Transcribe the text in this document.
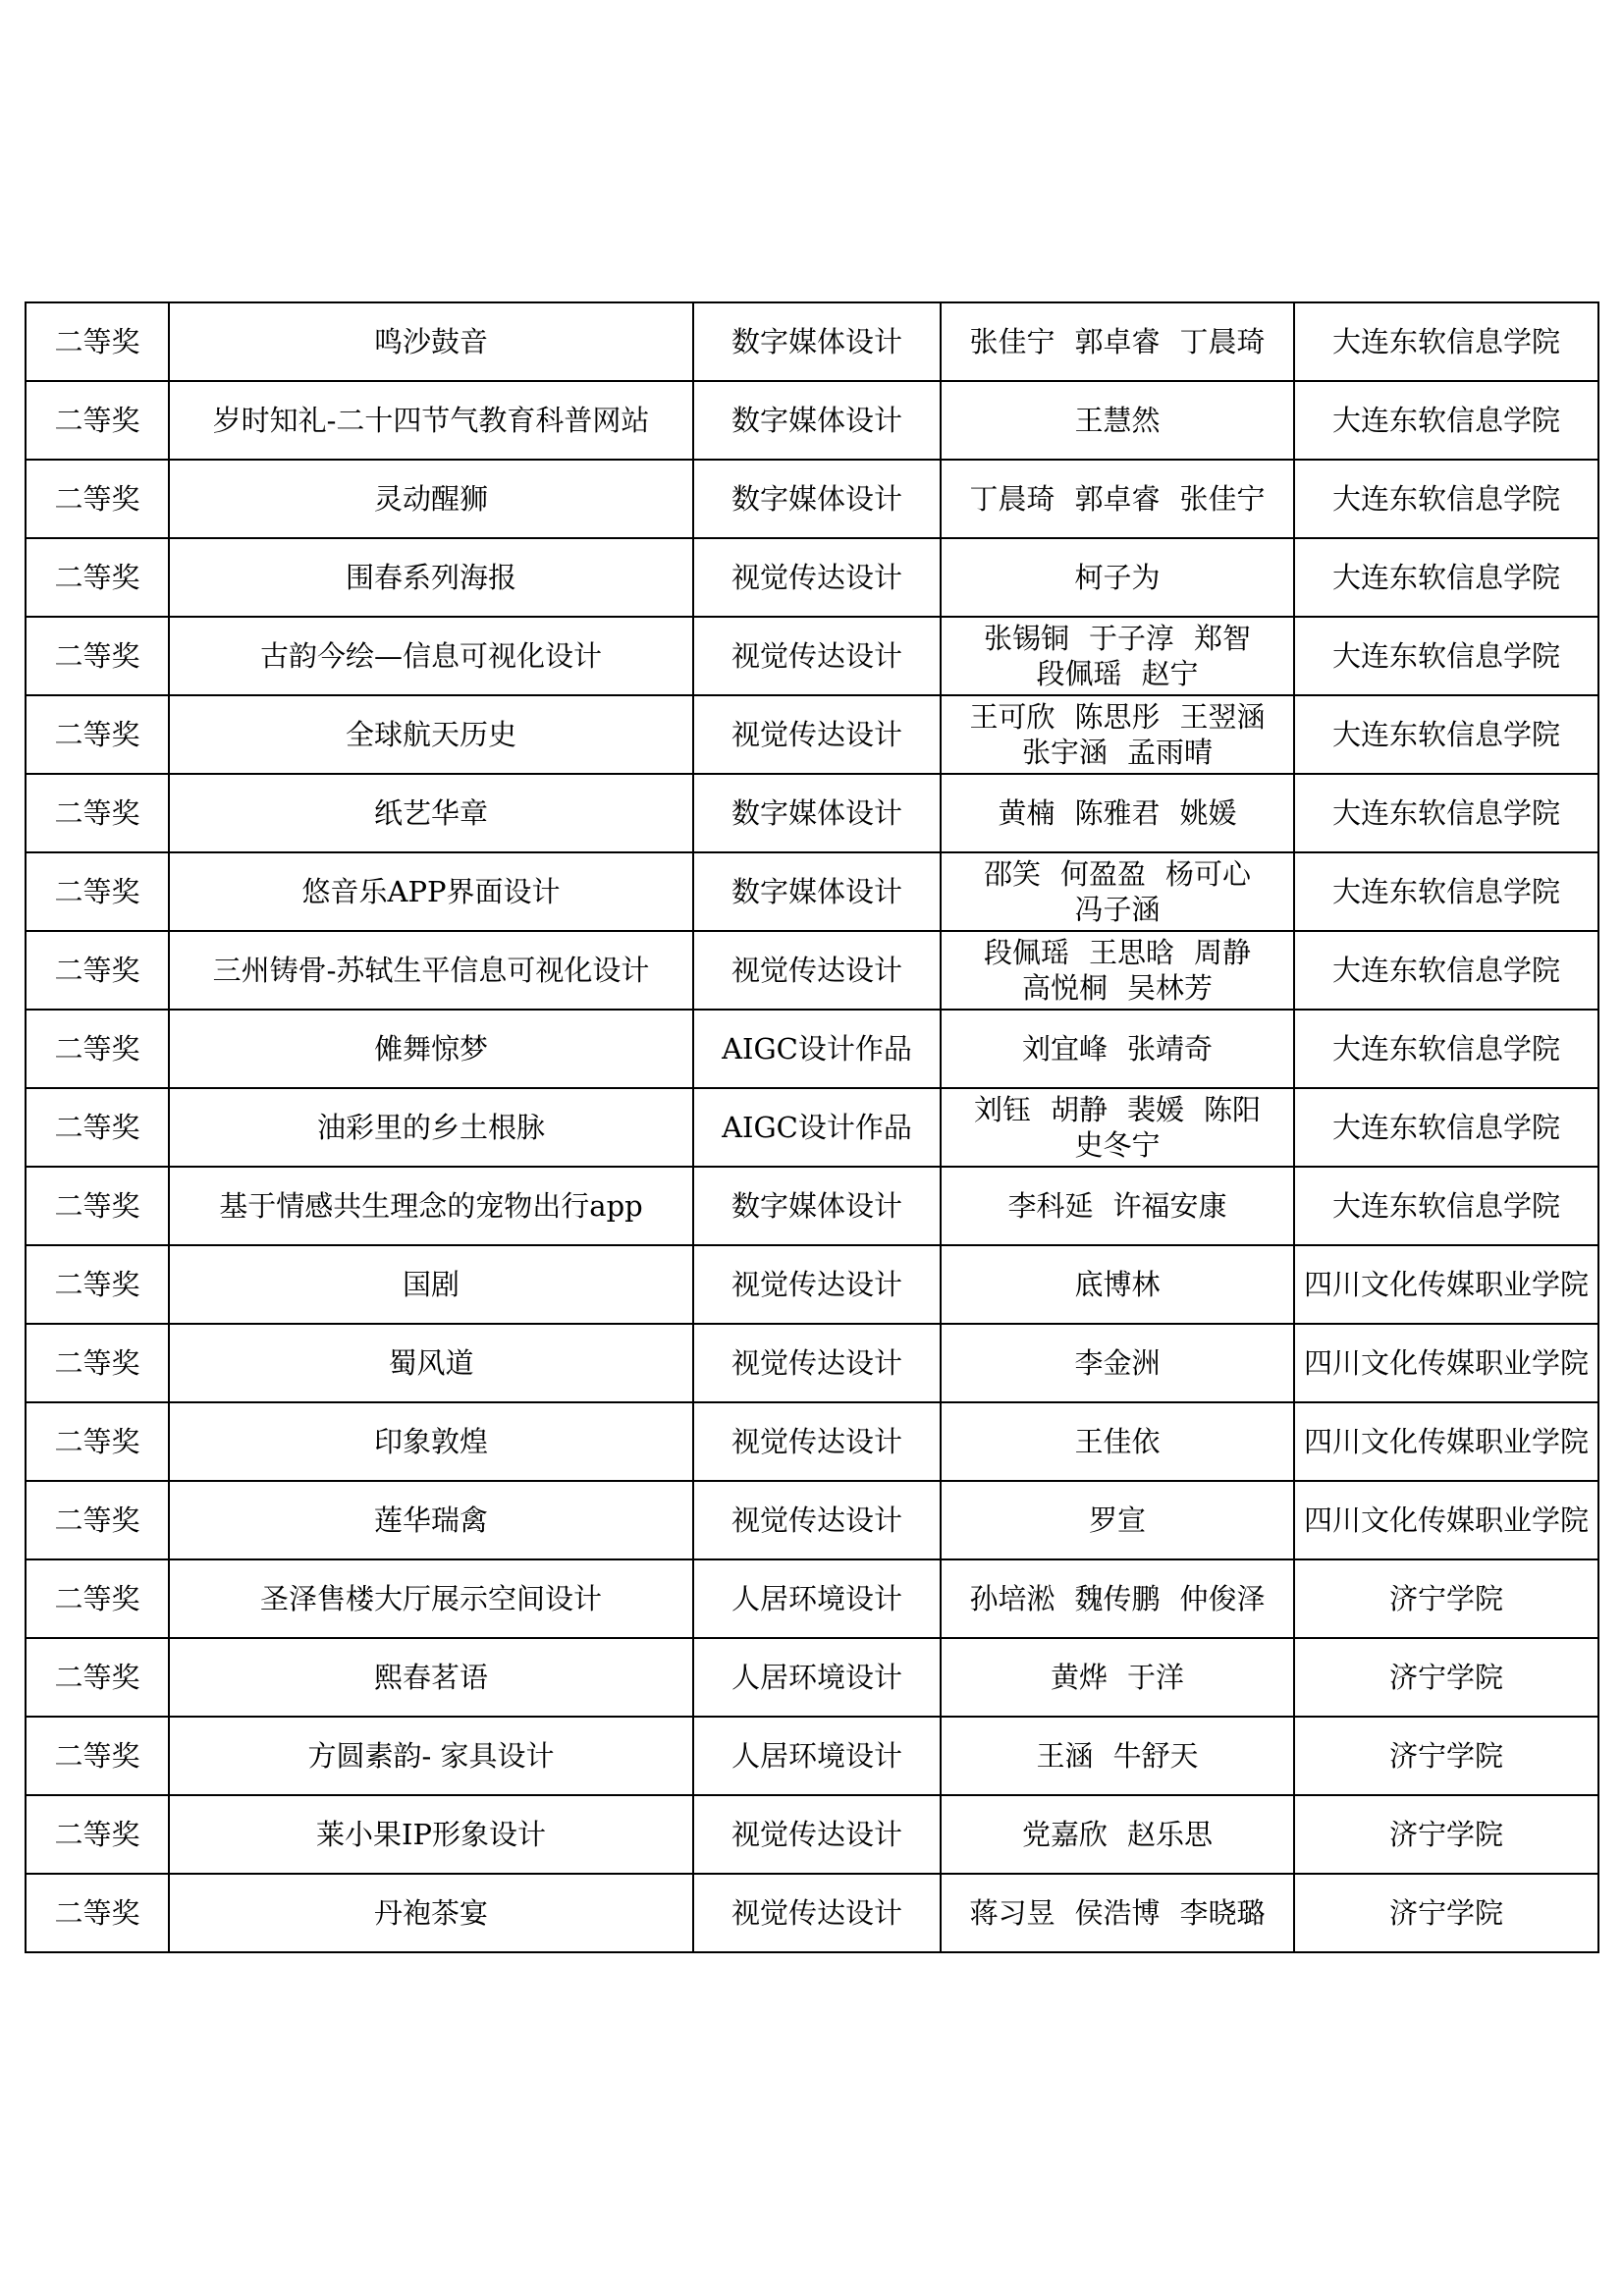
二等奖	鸣沙鼓音	数字媒体设计	张佳宁 郭卓睿 丁晨琦	大连东软信息学院

二等奖	岁时知礼-二十四节气教育科普网站	数字媒体设计	王慧然	大连东软信息学院

二等奖	灵动醒狮	数字媒体设计	丁晨琦 郭卓睿 张佳宁	大连东软信息学院

二等奖	围春系列海报	视觉传达设计	柯子为	大连东软信息学院

二等奖	古韵今绘—信息可视化设计	视觉传达设计	张锡铜 于子淳 郑智段佩瑶 赵宁	大连东软信息学院

二等奖	全球航天历史	视觉传达设计	王可欣 陈思彤 王翌涵张宇涵 孟雨晴	大连东软信息学院

二等奖	纸艺华章	数字媒体设计	黄楠 陈雅君 姚媛	大连东软信息学院

二等奖	悠音乐APP界面设计	数字媒体设计	邵笑 何盈盈 杨可心冯子涵	大连东软信息学院

二等奖	三州铸骨-苏轼生平信息可视化设计	视觉传达设计	段佩瑶 王思晗 周静高悦桐 吴林芳	大连东软信息学院

二等奖	傩舞惊梦	AIGC设计作品	刘宜峰 张靖奇	大连东软信息学院

二等奖	油彩里的乡土根脉	AIGC设计作品	刘钰 胡静 裴媛 陈阳史冬宁	大连东软信息学院

二等奖	基于情感共生理念的宠物出行app	数字媒体设计	李科延 许福安康	大连东软信息学院

二等奖	国剧	视觉传达设计	底博林	四川文化传媒职业学院

二等奖	蜀风道	视觉传达设计	李金洲	四川文化传媒职业学院

二等奖	印象敦煌	视觉传达设计	王佳依	四川文化传媒职业学院

二等奖	莲华瑞禽	视觉传达设计	罗宣	四川文化传媒职业学院

二等奖	圣泽售楼大厅展示空间设计	人居环境设计	孙培淞 魏传鹏 仲俊泽	济宁学院

二等奖	熙春茗语	人居环境设计	黄烨 于洋	济宁学院

二等奖	方圆素韵- 家具设计	人居环境设计	王涵 牛舒天	济宁学院

二等奖	莱小果IP形象设计	视觉传达设计	党嘉欣 赵乐思	济宁学院

二等奖	丹袍茶宴	视觉传达设计	蒋习昱 侯浩博 李晓璐	济宁学院
